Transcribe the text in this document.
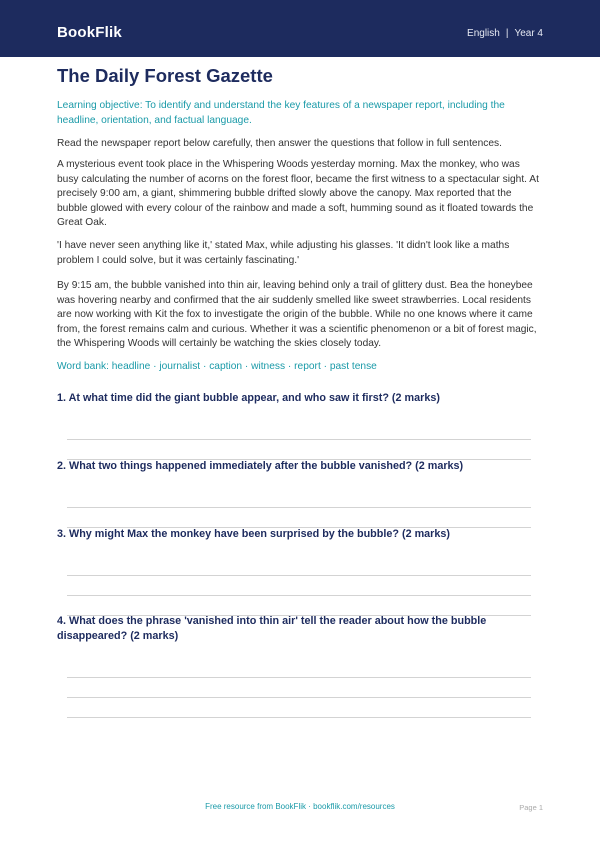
BookFlik	English | Year 4
The Daily Forest Gazette

Learning objective: To identify and understand the key features of a newspaper report, including the headline, orientation, and factual language.

Read the newspaper report below carefully, then answer the questions that follow in full sentences.

A mysterious event took place in the Whispering Woods yesterday morning. Max the monkey, who was busy calculating the number of acorns on the forest floor, became the first witness to a spectacular sight. At precisely 9:00 am, a giant, shimmering bubble drifted slowly above the canopy. Max reported that the bubble glowed with every colour of the rainbow and made a soft, humming sound as it floated towards the Great Oak.

'I have never seen anything like it,' stated Max, while adjusting his glasses. 'It didn't look like a maths problem I could solve, but it was certainly fascinating.'

By 9:15 am, the bubble vanished into thin air, leaving behind only a trail of glittery dust. Bea the honeybee was hovering nearby and confirmed that the air suddenly smelled like sweet strawberries. Local residents are now working with Kit the fox to investigate the origin of the bubble. While no one knows where it came from, the forest remains calm and curious. Whether it was a scientific phenomenon or a bit of forest magic, the Whispering Woods will certainly be watching the skies closely today.

Word bank: headline · journalist · caption · witness · report · past tense

1. At what time did the giant bubble appear, and who saw it first? (2 marks)

2. What two things happened immediately after the bubble vanished? (2 marks)

3. Why might Max the monkey have been surprised by the bubble? (2 marks)

4. What does the phrase 'vanished into thin air' tell the reader about how the bubble disappeared? (2 marks)

Free resource from BookFlik · bookflik.com/resources	Page 1
